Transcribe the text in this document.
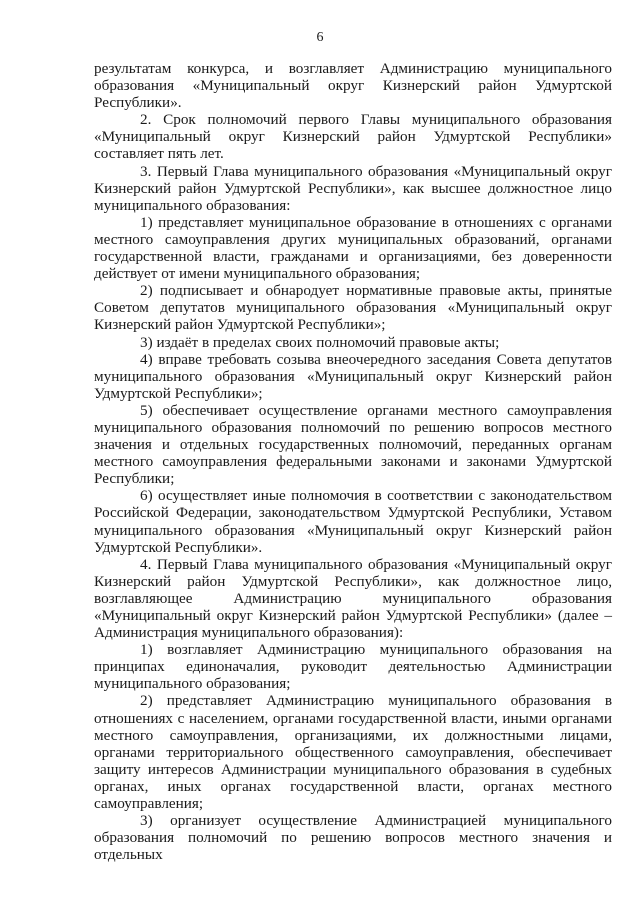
6

результатам конкурса, и возглавляет Администрацию муниципального образования «Муниципальный округ Кизнерский район Удмуртской Республики».

2. Срок полномочий первого Главы муниципального образования «Муниципальный округ Кизнерский район Удмуртской Республики» составляет пять лет.

3. Первый Глава муниципального образования «Муниципальный округ Кизнерский район Удмуртской Республики», как высшее должностное лицо муниципального образования:

1) представляет муниципальное образование в отношениях с органами местного самоуправления других муниципальных образований, органами государственной власти, гражданами и организациями, без доверенности действует от имени муниципального образования;

2) подписывает и обнародует нормативные правовые акты, принятые Советом депутатов муниципального образования «Муниципальный округ Кизнерский район Удмуртской Республики»;

3) издаёт в пределах своих полномочий правовые акты;

4) вправе требовать созыва внеочередного заседания Совета депутатов муниципального образования «Муниципальный округ Кизнерский район Удмуртской Республики»;

5) обеспечивает осуществление органами местного самоуправления муниципального образования полномочий по решению вопросов местного значения и отдельных государственных полномочий, переданных органам местного самоуправления федеральными законами и законами Удмуртской Республики;

6) осуществляет иные полномочия в соответствии с законодательством Российской Федерации, законодательством Удмуртской Республики, Уставом муниципального образования «Муниципальный округ Кизнерский район Удмуртской Республики».

4. Первый Глава муниципального образования «Муниципальный округ Кизнерский район Удмуртской Республики», как должностное лицо, возглавляющее Администрацию муниципального образования «Муниципальный округ Кизнерский район Удмуртской Республики» (далее – Администрация муниципального образования):

1) возглавляет Администрацию муниципального образования на принципах единоначалия, руководит деятельностью Администрации муниципального образования;

2) представляет Администрацию муниципального образования в отношениях с населением, органами государственной власти, иными органами местного самоуправления, организациями, их должностными лицами, органами территориального общественного самоуправления, обеспечивает защиту интересов Администрации муниципального образования в судебных органах, иных органах государственной власти, органах местного самоуправления;

3) организует осуществление Администрацией муниципального образования полномочий по решению вопросов местного значения и отдельных
